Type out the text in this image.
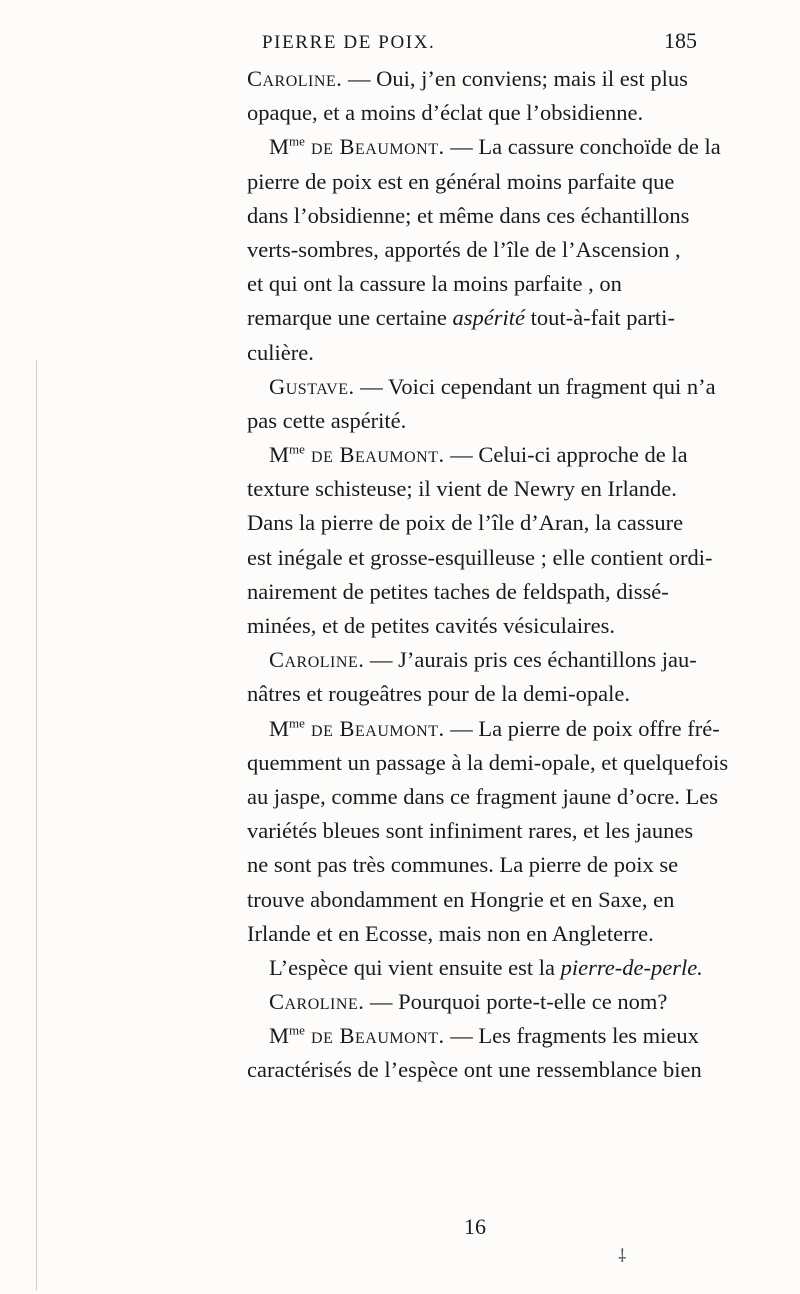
PIERRE DE POIX.	185
Caroline. — Oui, j’en conviens; mais il est plus
opaque, et a moins d’éclat que l’obsidienne.
$M^{me}$ de Beaumont. — La cassure conchoïde de la
pierre de poix est en général moins parfaite que
dans l’obsidienne; et même dans ces échantillons
verts-sombres, apportés de l’île de l’Ascension ,
et qui ont la cassure la moins parfaite , on
remarque une certaine aspérité tout-à-fait parti-
culière.
Gustave. — Voici cependant un fragment qui n’a
pas cette aspérité.
$M^{me}$ de Beaumont. — Celui-ci approche de la
texture schisteuse; il vient de Newry en Irlande.
Dans la pierre de poix de l’île d’Aran, la cassure
est inégale et grosse-esquilleuse ; elle contient ordi-
nairement de petites taches de feldspath, dissé-
minées, et de petites cavités vésiculaires.
Caroline. — J’aurais pris ces échantillons jau-
nâtres et rougeâtres pour de la demi-opale.
$M^{me}$ de Beaumont. — La pierre de poix offre fré-
quemment un passage à la demi-opale, et quelquefois
au jaspe, comme dans ce fragment jaune d’ocre. Les
variétés bleues sont infiniment rares, et les jaunes
ne sont pas très communes. La pierre de poix se
trouve abondamment en Hongrie et en Saxe, en
Irlande et en Ecosse, mais non en Angleterre.
L’espèce qui vient ensuite est la pierre-de-perle.
Caroline. — Pourquoi porte-t-elle ce nom?
$M^{me}$ de Beaumont. — Les fragments les mieux
caractérisés de l’espèce ont une ressemblance bien
16
⸸
